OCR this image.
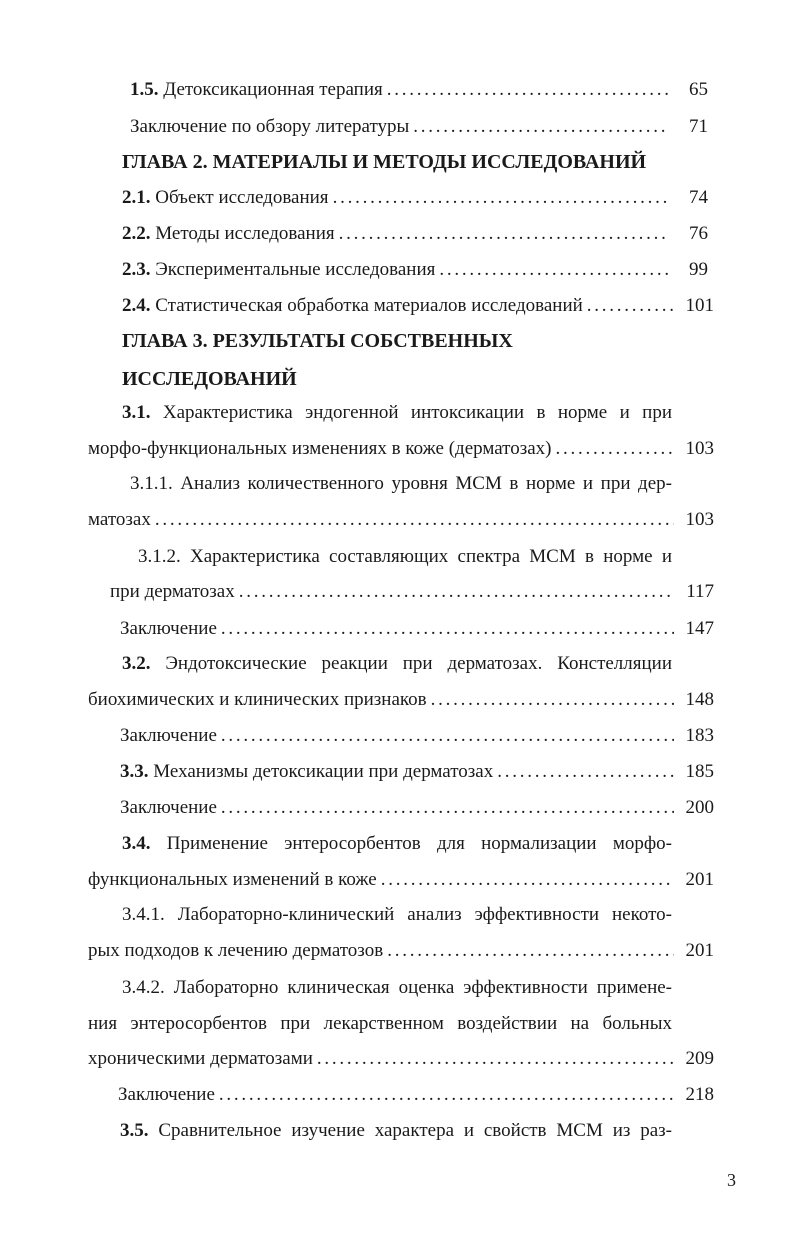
1.5. Детоксикационная терапия . . .	65
Заключение по обзору литературы . . .	71
ГЛАВА 2. МАТЕРИАЛЫ И МЕТОДЫ ИССЛЕДОВАНИЙ
2.1. Объект исследования . . .	74
2.2. Методы исследования . . .	76
2.3. Экспериментальные исследования . . .	99
2.4. Статистическая обработка материалов исследований . . .	101
ГЛАВА 3. РЕЗУЛЬТАТЫ СОБСТВЕННЫХ
ИССЛЕДОВАНИЙ
3.1. Характеристика эндогенной интоксикации в норме и при
морфо-функциональных изменениях в коже (дерматозах) . . .	103
3.1.1. Анализ количественного уровня МСМ в норме и при дер-
матозах . . .	103
3.1.2. Характеристика составляющих спектра МСМ в норме и
при дерматозах . . .	117
Заключение . . .	147
3.2. Эндотоксические реакции при дерматозах. Констелляции
биохимических и клинических признаков . . .	148
Заключение . . .	183
3.3. Механизмы детоксикации при дерматозах . . .	185
Заключение . . .	200
3.4. Применение энтеросорбентов для нормализации морфо-
функциональных изменений в коже . . .	201
3.4.1. Лабораторно-клинический анализ эффективности некото-
рых подходов к лечению дерматозов . . .	201
3.4.2. Лабораторно клиническая оценка эффективности примене-
ния энтеросорбентов при лекарственном воздействии на больных
хроническими дерматозами . . .	209
Заключение . . .	218
3.5. Сравнительное изучение характера и свойств МСМ из раз-
3
